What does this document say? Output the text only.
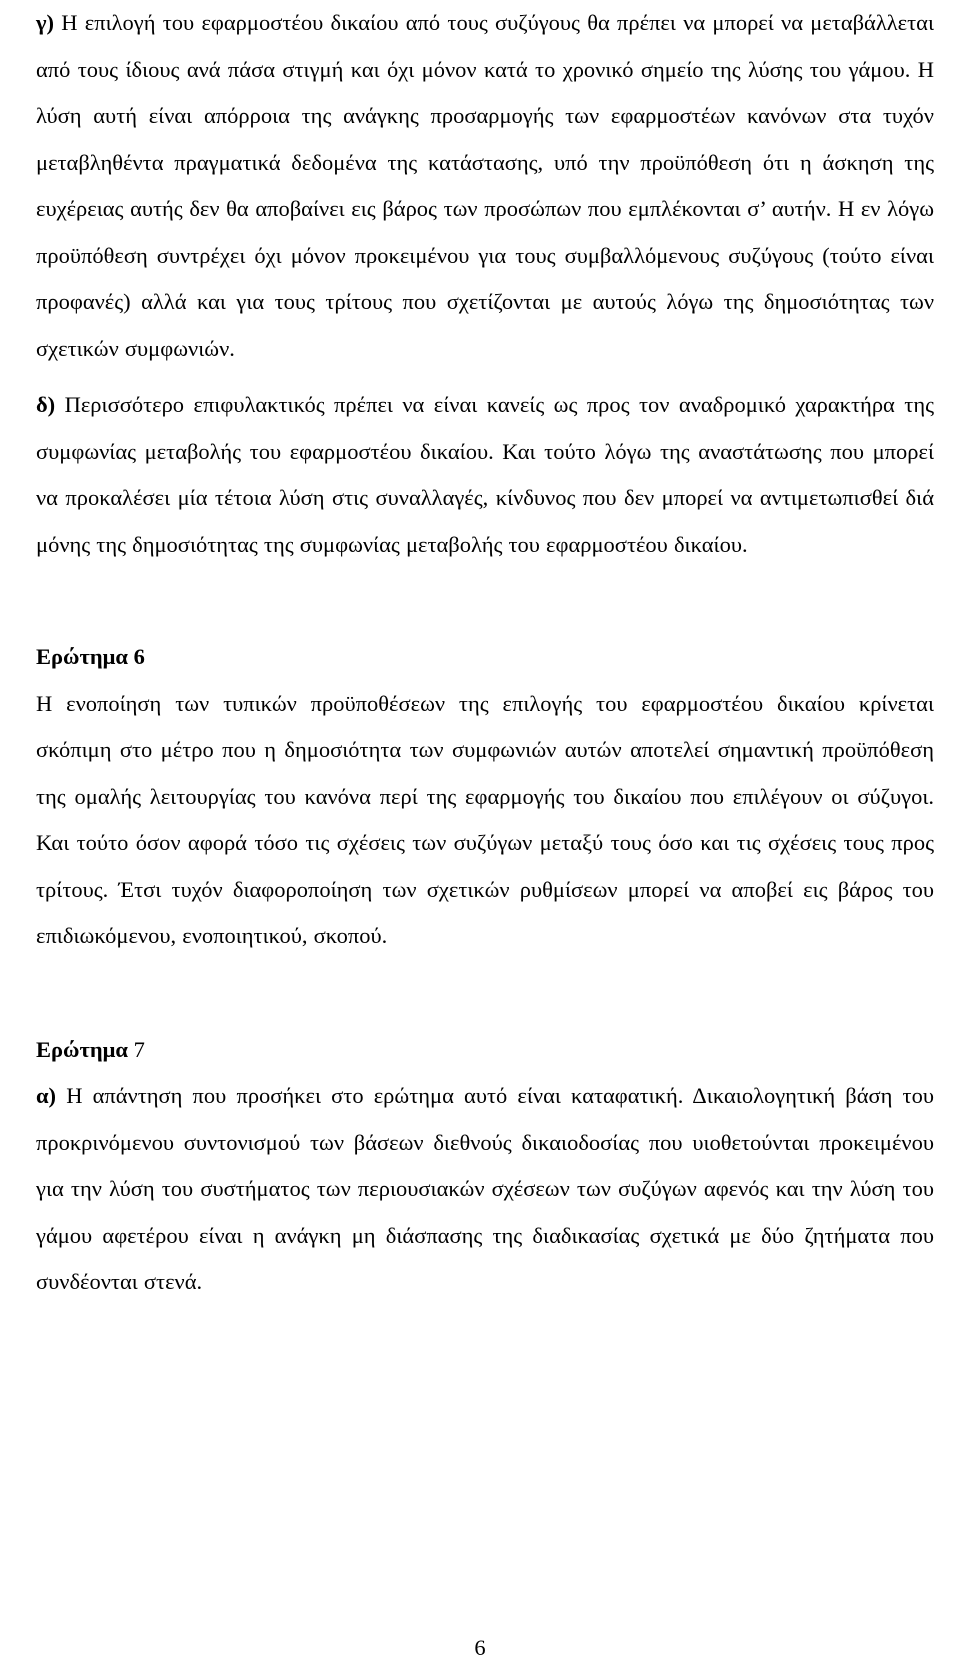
γ) Η επιλογή του εφαρμοστέου δικαίου από τους συζύγους θα πρέπει να μπορεί να μεταβάλλεται από τους ίδιους ανά πάσα στιγμή και όχι μόνον κατά το χρονικό σημείο της λύσης του γάμου. Η λύση αυτή είναι απόρροια της ανάγκης προσαρμογής των εφαρμοστέων κανόνων στα τυχόν μεταβληθέντα πραγματικά δεδομένα της κατάστασης, υπό την προϋπόθεση ότι η άσκηση της ευχέρειας αυτής δεν θα αποβαίνει εις βάρος των προσώπων που εμπλέκονται σ’ αυτήν. Η εν λόγω προϋπόθεση συντρέχει όχι μόνον προκειμένου για τους συμβαλλόμενους συζύγους (τούτο είναι προφανές) αλλά και για τους τρίτους που σχετίζονται με αυτούς λόγω της δημοσιότητας των σχετικών συμφωνιών.

δ) Περισσότερο επιφυλακτικός πρέπει να είναι κανείς ως προς τον αναδρομικό χαρακτήρα της συμφωνίας μεταβολής του εφαρμοστέου δικαίου. Και τούτο λόγω της αναστάτωσης που μπορεί να προκαλέσει μία τέτοια λύση στις συναλλαγές, κίνδυνος που δεν μπορεί να αντιμετωπισθεί διά μόνης της δημοσιότητας της συμφωνίας μεταβολής του εφαρμοστέου δικαίου.

Ερώτημα 6

Η ενοποίηση των τυπικών προϋποθέσεων της επιλογής του εφαρμοστέου δικαίου κρίνεται σκόπιμη στο μέτρο που η δημοσιότητα των συμφωνιών αυτών αποτελεί σημαντική προϋπόθεση της ομαλής λειτουργίας του κανόνα περί της εφαρμογής του δικαίου που επιλέγουν οι σύζυγοι. Και τούτο όσον αφορά τόσο τις σχέσεις των συζύγων μεταξύ τους όσο και τις σχέσεις τους προς τρίτους. Έτσι τυχόν διαφοροποίηση των σχετικών ρυθμίσεων μπορεί να αποβεί εις βάρος του επιδιωκόμενου, ενοποιητικού, σκοπού.

Ερώτημα 7

α) Η απάντηση που προσήκει στο ερώτημα αυτό είναι καταφατική. Δικαιολογητική βάση του προκρινόμενου συντονισμού των βάσεων διεθνούς δικαιοδοσίας που υιοθετούνται προκειμένου για την λύση του συστήματος των περιουσιακών σχέσεων των συζύγων αφενός και την λύση του γάμου αφετέρου είναι η ανάγκη μη διάσπασης της διαδικασίας σχετικά με δύο ζητήματα που συνδέονται στενά.

6
